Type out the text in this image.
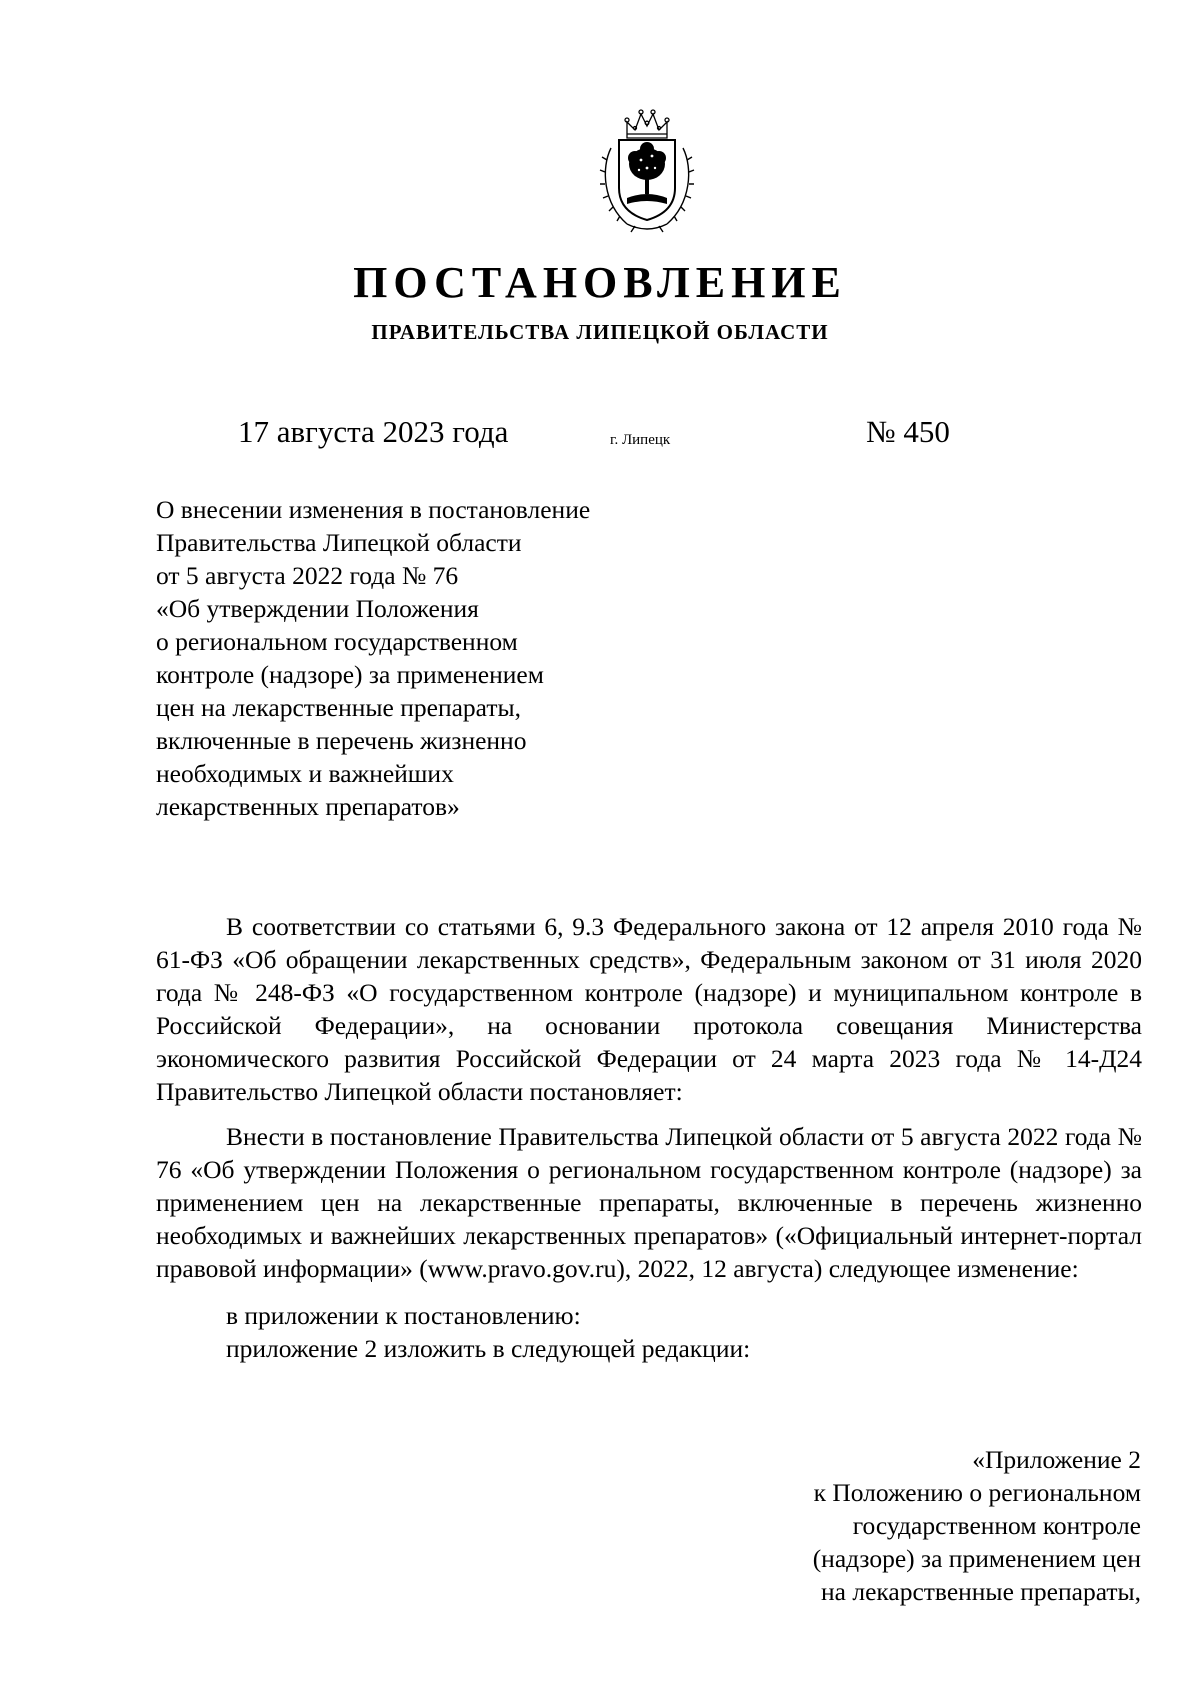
ПОСТАНОВЛЕНИЕ
ПРАВИТЕЛЬСТВА ЛИПЕЦКОЙ ОБЛАСТИ
17 августа 2023 года	г. Липецк	№ 450
О внесении изменения в постановление
Правительства Липецкой области
от 5 августа 2022 года № 76
«Об утверждении Положения
о региональном государственном
контроле (надзоре) за применением
цен на лекарственные препараты,
включенные в перечень жизненно
необходимых и важнейших
лекарственных препаратов»

В соответствии со статьями 6, 9.3 Федерального закона от 12 апреля 2010 года № 61-ФЗ «Об обращении лекарственных средств», Федеральным законом от 31 июля 2020 года № 248-ФЗ «О государственном контроле (надзоре) и муниципальном контроле в Российской Федерации», на основании протокола совещания Министерства экономического развития Российской Федерации от 24 марта 2023 года № 14-Д24 Правительство Липецкой области постановляет:

Внести в постановление Правительства Липецкой области от 5 августа 2022 года № 76 «Об утверждении Положения о региональном государственном контроле (надзоре) за применением цен на лекарственные препараты, включенные в перечень жизненно необходимых и важнейших лекарственных препаратов» («Официальный интернет-портал правовой информации» (www.pravo.gov.ru), 2022, 12 августа) следующее изменение:

в приложении к постановлению:
приложение 2 изложить в следующей редакции:
«Приложение 2
к Положению о региональном
государственном контроле
(надзоре) за применением цен
на лекарственные препараты,
